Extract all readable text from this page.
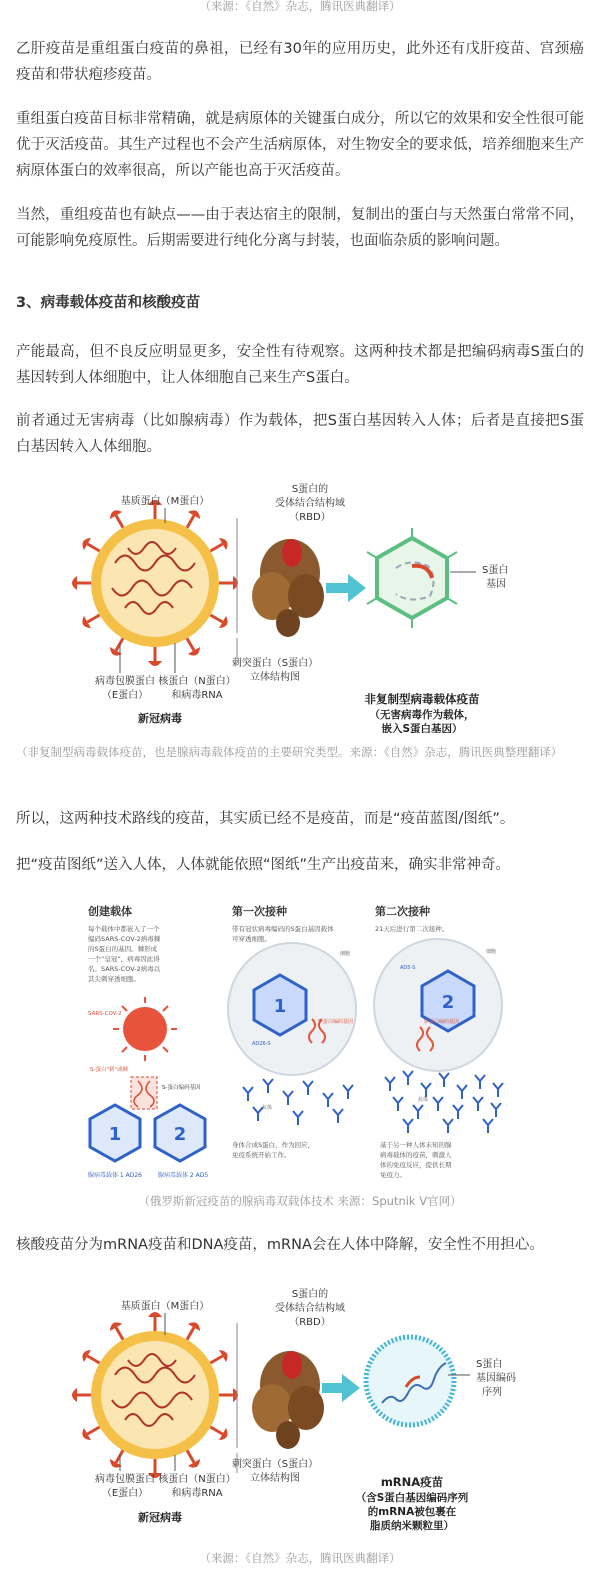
（来源：《自然》杂志，腾讯医典翻译）
乙肝疫苗是重组蛋白疫苗的鼻祖，已经有30年的应用历史，此外还有戊肝疫苗、宫颈癌疫苗和带状疱疹疫苗。
重组蛋白疫苗目标非常精确，就是病原体的关键蛋白成分，所以它的效果和安全性很可能优于灭活疫苗。其生产过程也不会产生活病原体，对生物安全的要求低，培养细胞来生产病原体蛋白的效率很高，所以产能也高于灭活疫苗。
当然，重组疫苗也有缺点——由于表达宿主的限制，复制出的蛋白与天然蛋白常常不同，可能影响免疫原性。后期需要进行纯化分离与封装，也面临杂质的影响问题。
3、病毒载体疫苗和核酸疫苗
产能最高，但不良反应明显更多，安全性有待观察。这两种技术都是把编码病毒S蛋白的基因转到人体细胞中，让人体细胞自己来生产S蛋白。
前者通过无害病毒（比如腺病毒）作为载体，把S蛋白基因转入人体；后者是直接把S蛋白基因转入人体细胞。
基质蛋白（M蛋白）
S蛋白的
受体结合结构域
（RBD）
S蛋白
基因
刺突蛋白（S蛋白）
立体结构图
病毒包膜蛋白
（E蛋白）
核蛋白（N蛋白）
和病毒RNA
新冠病毒
非复制型病毒载体疫苗
（无害病毒作为载体，
嵌入S蛋白基因）
（非复制型病毒载体疫苗，也是腺病毒载体疫苗的主要研究类型。来源：《自然》杂志，腾讯医典整理翻译）
所以，这两种技术路线的疫苗，其实质已经不是疫苗，而是“疫苗蓝图/图纸”。
把“疫苗图纸”送入人体，人体就能依照“图纸”生产出疫苗来，确实非常神奇。
创建载体
每个载体中都嵌入了一个
编码SARS-COV-2病毒棘
的S蛋白的基因。棘形成
一个“皇冠”，病毒因此得
名。SARS-COV-2病毒以
其尖刺穿透细胞。
SARS-COV-2
S-蛋白"刺"或棘
S-蛋白编码基因
1	2
腺病毒载体 1 AD26	腺病毒载体 2 AD5
第一次接种
带有冠状病毒编码的S蛋白基因载体
可穿透细胞。
1
细胞
AD26-S
S-蛋白编码基因
抗体
身体合成S蛋白，作为回应，
免疫系统开始工作。
第二次接种
21天后进行第二次接种。
2
细胞
AD5-S
S-蛋白编码基因
抗体
基于另一种人体未知的腺
病毒载体的疫苗，刺激人
体的免疫反应，提供长期
免疫力。
（俄罗斯新冠疫苗的腺病毒双载体技术 来源：Sputnik V官网）
核酸疫苗分为mRNA疫苗和DNA疫苗，mRNA会在人体中降解，安全性不用担心。
基质蛋白（M蛋白）
S蛋白的
受体结合结构域
（RBD）
S蛋白
基因编码
序列
刺突蛋白（S蛋白）
立体结构图
病毒包膜蛋白
（E蛋白）
核蛋白（N蛋白）
和病毒RNA
新冠病毒
mRNA疫苗
（含S蛋白基因编码序列
的mRNA被包裹在
脂质纳米颗粒里）
（来源：《自然》杂志，腾讯医典翻译）
